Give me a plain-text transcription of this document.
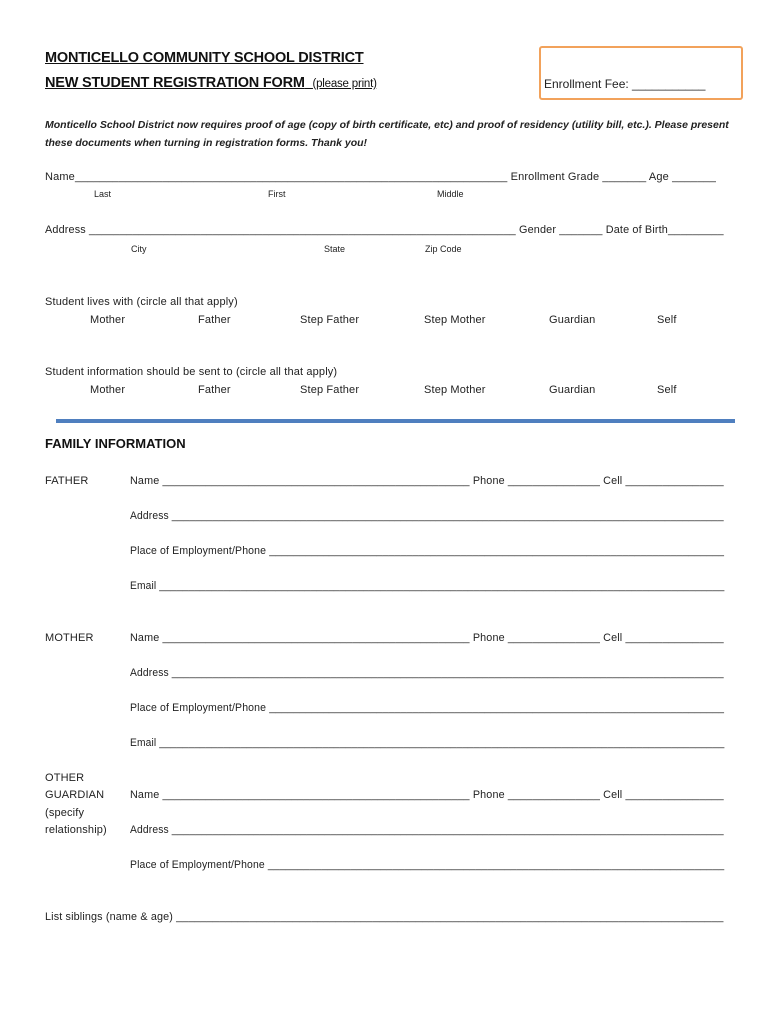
MONTICELLO COMMUNITY SCHOOL DISTRICT
NEW STUDENT REGISTRATION FORM (please print)	Enrollment Fee: ___________
Monticello School District now requires proof of age (copy of birth certificate, etc) and proof of residency (utility bill, etc.). Please present these documents when turning in registration forms. Thank you!
Name_____________________________________________________________________ Enrollment Grade _______ Age _______
Last	First	Middle
Address _____________________________________________________________________ Gender _______ Date of Birth_________
City	State	Zip Code
Student lives with (circle all that apply)
Mother	Father	Step Father	Step Mother	Guardian	Self
Student information should be sent to (circle all that apply)
Mother	Father	Step Father	Step Mother	Guardian	Self
FAMILY INFORMATION
FATHER	Name __________________________________________________ Phone _______________ Cell ________________
Address ______________________________________________________________________________________________
Place of Employment/Phone ____________________________________________________________________________
Email _________________________________________________________________________________________________
MOTHER	Name __________________________________________________ Phone _______________ Cell ________________
Address ______________________________________________________________________________________________
Place of Employment/Phone ____________________________________________________________________________
Email _________________________________________________________________________________________________
OTHER
GUARDIAN
(specify
relationship)
Name __________________________________________________ Phone _______________ Cell ________________
Address ______________________________________________________________________________________________
Place of Employment/Phone _____________________________________________________________________________
List siblings (name & age) _________________________________________________________________________________________
